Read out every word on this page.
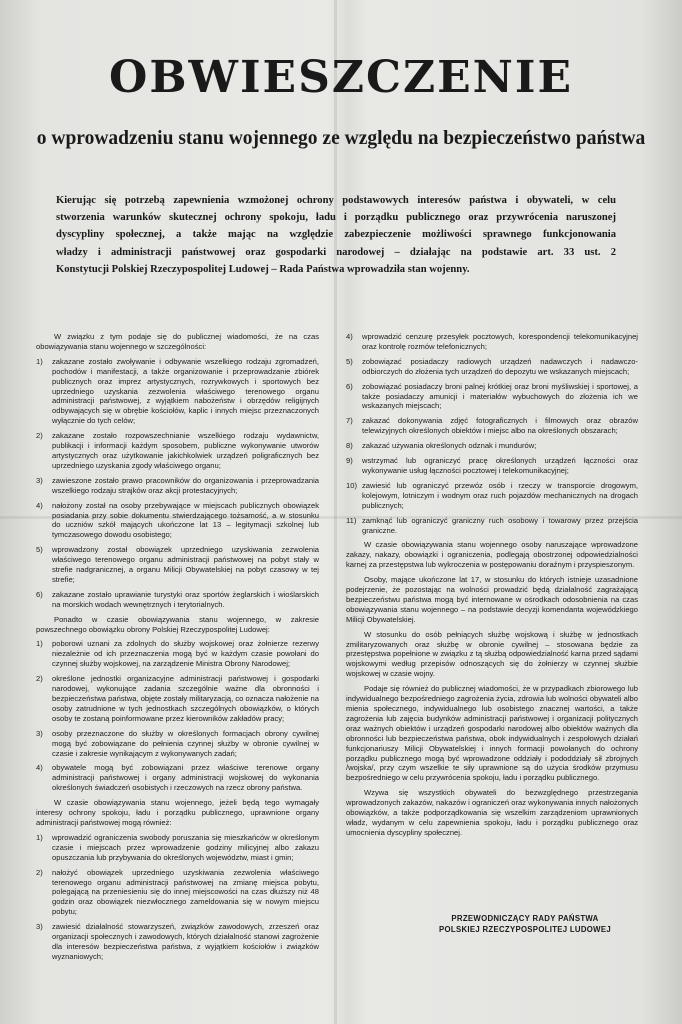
OBWIESZCZENIE
o wprowadzeniu stanu wojennego ze względu na bezpieczeństwo państwa
Kierując się potrzebą zapewnienia wzmożonej ochrony podstawowych interesów państwa i obywateli, w celu
stworzenia warunków skutecznej ochrony spokoju, ładu i porządku publicznego oraz przywrócenia naruszonej
dyscypliny społecznej, a także mając na względzie zabezpieczenie możliwości sprawnego funkcjonowania
władzy i administracji państwowej oraz gospodarki narodowej – działając na podstawie art. 33 ust. 2
Konstytucji Polskiej Rzeczypospolitej Ludowej – Rada Państwa wprowadziła stan wojenny.

W związku z tym podaje się do publicznej wiadomości, że na czas obowiązywania stanu wojennego w szczególności:

1)	zakazane zostało zwoływanie i odbywanie wszelkiego rodzaju zgromadzeń, pochodów i manifestacji, a także organizowanie i przeprowadzanie zbiórek publicznych oraz imprez artystycznych, rozrywkowych i sportowych bez uprzedniego uzyskania zezwolenia właściwego terenowego organu administracji państwowej, z wyjątkiem nabożeństw i obrzędów religijnych odbywających się w obrębie kościołów, kaplic i innych miejsc przeznaczonych wyłącznie do tych celów;
2)	zakazane zostało rozpowszechnianie wszelkiego rodzaju wydawnictw, publikacji i informacji każdym sposobem, publiczne wykonywanie utworów artystycznych oraz użytkowanie jakichkolwiek urządzeń poligraficznych bez uprzedniego uzyskania zgody właściwego organu;
3)	zawieszone zostało prawo pracowników do organizowania i przeprowadzania wszelkiego rodzaju strajków oraz akcji protestacyjnych;
4)	nałożony został na osoby przebywające w miejscach publicznych obowiązek posiadania przy sobie dokumentu stwierdzającego tożsamość, a w stosunku do uczniów szkół mających ukończone lat 13 – legitymacji szkolnej lub tymczasowego dowodu osobistego;
5)	wprowadzony został obowiązek uprzedniego uzyskiwania zezwolenia właściwego terenowego organu administracji państwowej na pobyt stały w strefie nadgranicznej, a organu Milicji Obywatelskiej na pobyt czasowy w tej strefie;
6)	zakazane zostało uprawianie turystyki oraz sportów żeglarskich i wioślarskich na morskich wodach wewnętrznych i terytorialnych.

Ponadto w czasie obowiązywania stanu wojennego, w zakresie powszechnego obowiązku obrony Polskiej Rzeczypospolitej Ludowej:

1)	poborowi uznani za zdolnych do służby wojskowej oraz żołnierze rezerwy niezależnie od ich przeznaczenia mogą być w każdym czasie powołani do czynnej służby wojskowej, na zarządzenie Ministra Obrony Narodowej;
2)	określone jednostki organizacyjne administracji państwowej i gospodarki narodowej, wykonujące zadania szczególnie ważne dla obronności i bezpieczeństwa państwa, objęte zostały militaryzacją, co oznacza nałożenie na osoby zatrudnione w tych jednostkach szczególnych obowiązków, o których osoby te zostaną poinformowane przez kierowników zakładów pracy;
3)	osoby przeznaczone do służby w określonych formacjach obrony cywilnej mogą być zobowiązane do pełnienia czynnej służby w obronie cywilnej w czasie i zakresie wynikającym z wykonywanych zadań;
4)	obywatele mogą być zobowiązani przez właściwe terenowe organy administracji państwowej i organy administracji wojskowej do wykonania określonych świadczeń osobistych i rzeczowych na rzecz obrony państwa.

W czasie obowiązywania stanu wojennego, jeżeli będą tego wymagały interesy ochrony spokoju, ładu i porządku publicznego, uprawnione organy administracji państwowej mogą również:

1)	wprowadzić ograniczenia swobody poruszania się mieszkańców w określonym czasie i miejscach przez wprowadzenie godziny milicyjnej albo zakazu opuszczania lub przybywania do określonych województw, miast i gmin;
2)	nałożyć obowiązek uprzedniego uzyskiwania zezwolenia właściwego terenowego organu administracji państwowej na zmianę miejsca pobytu, polegającą na przeniesieniu się do innej miejscowości na czas dłuższy niż 48 godzin oraz obowiązek niezwłocznego zameldowania się w nowym miejscu pobytu;
3)	zawiesić działalność stowarzyszeń, związków zawodowych, zrzeszeń oraz organizacji społecznych i zawodowych, których działalność stanowi zagrożenie dla interesów bezpieczeństwa państwa, z wyjątkiem kościołów i związków wyznaniowych;
4)	wprowadzić cenzurę przesyłek pocztowych, korespondencji telekomunikacyjnej oraz kontrolę rozmów telefonicznych;
5)	zobowiązać posiadaczy radiowych urządzeń nadawczych i nadawczo-odbiorczych do złożenia tych urządzeń do depozytu we wskazanych miejscach;
6)	zobowiązać posiadaczy broni palnej krótkiej oraz broni myśliwskiej i sportowej, a także posiadaczy amunicji i materiałów wybuchowych do złożenia ich we wskazanych miejscach;
7)	zakazać dokonywania zdjęć fotograficznych i filmowych oraz obrazów telewizyjnych określonych obiektów i miejsc albo na określonych obszarach;
8)	zakazać używania określonych odznak i mundurów;
9)	wstrzymać lub ograniczyć pracę określonych urządzeń łączności oraz wykonywanie usług łączności pocztowej i telekomunikacyjnej;
10) zawiesić lub ograniczyć przewóz osób i rzeczy w transporcie drogowym, kolejowym, lotniczym i wodnym oraz ruch pojazdów mechanicznych na drogach publicznych;
11) zamknąć lub ograniczyć graniczny ruch osobowy i towarowy przez przejścia graniczne.

W czasie obowiązywania stanu wojennego osoby naruszające wprowadzone zakazy, nakazy, obowiązki i ograniczenia, podlegają obostrzonej odpowiedzialności karnej za przestępstwa lub wykroczenia w postępowaniu doraźnym i przyspieszonym.

Osoby, mające ukończone lat 17, w stosunku do których istnieje uzasadnione podejrzenie, że pozostając na wolności prowadzić będą działalność zagrażającą bezpieczeństwu państwa mogą być internowane w ośrodkach odosobnienia na czas obowiązywania stanu wojennego – na podstawie decyzji komendanta wojewódzkiego Milicji Obywatelskiej.

W stosunku do osób pełniących służbę wojskową i służbę w jednostkach zmilitaryzowanych oraz służbę w obronie cywilnej – stosowana będzie za przestępstwa popełnione w związku z tą służbą odpowiedzialność karna przed sądami wojskowymi według przepisów odnoszących się do żołnierzy w czynnej służbie wojskowej w czasie wojny.

Podaje się również do publicznej wiadomości, że w przypadkach zbiorowego lub indywidualnego bezpośredniego zagrożenia życia, zdrowia lub wolności obywateli albo mienia społecznego, indywidualnego lub osobistego znacznej wartości, a także zagrożenia lub zajęcia budynków administracji państwowej i organizacji politycznych oraz ważnych obiektów i urządzeń gospodarki narodowej albo obiektów ważnych dla obronności lub bezpieczeństwa państwa, obok indywidualnych i zespołowych działań funkcjonariuszy Milicji Obywatelskiej i innych formacji powołanych do ochrony porządku publicznego mogą być wprowadzone oddziały i pododdziały sił zbrojnych /wojska/, przy czym wszelkie te siły uprawnione są do użycia środków przymusu bezpośredniego w celu przywrócenia spokoju, ładu i porządku publicznego.

Wzywa się wszystkich obywateli do bezwzględnego przestrzegania wprowadzonych zakazów, nakazów i ograniczeń oraz wykonywania innych nałożonych obowiązków, a także podporządkowania się wszelkim zarządzeniom uprawnionych władz, wydanym w celu zapewnienia spokoju, ładu i porządku publicznego oraz umocnienia dyscypliny społecznej.

PRZEWODNICZĄCY RADY PAŃSTWA
POLSKIEJ RZECZYPOSPOLITEJ LUDOWEJ
